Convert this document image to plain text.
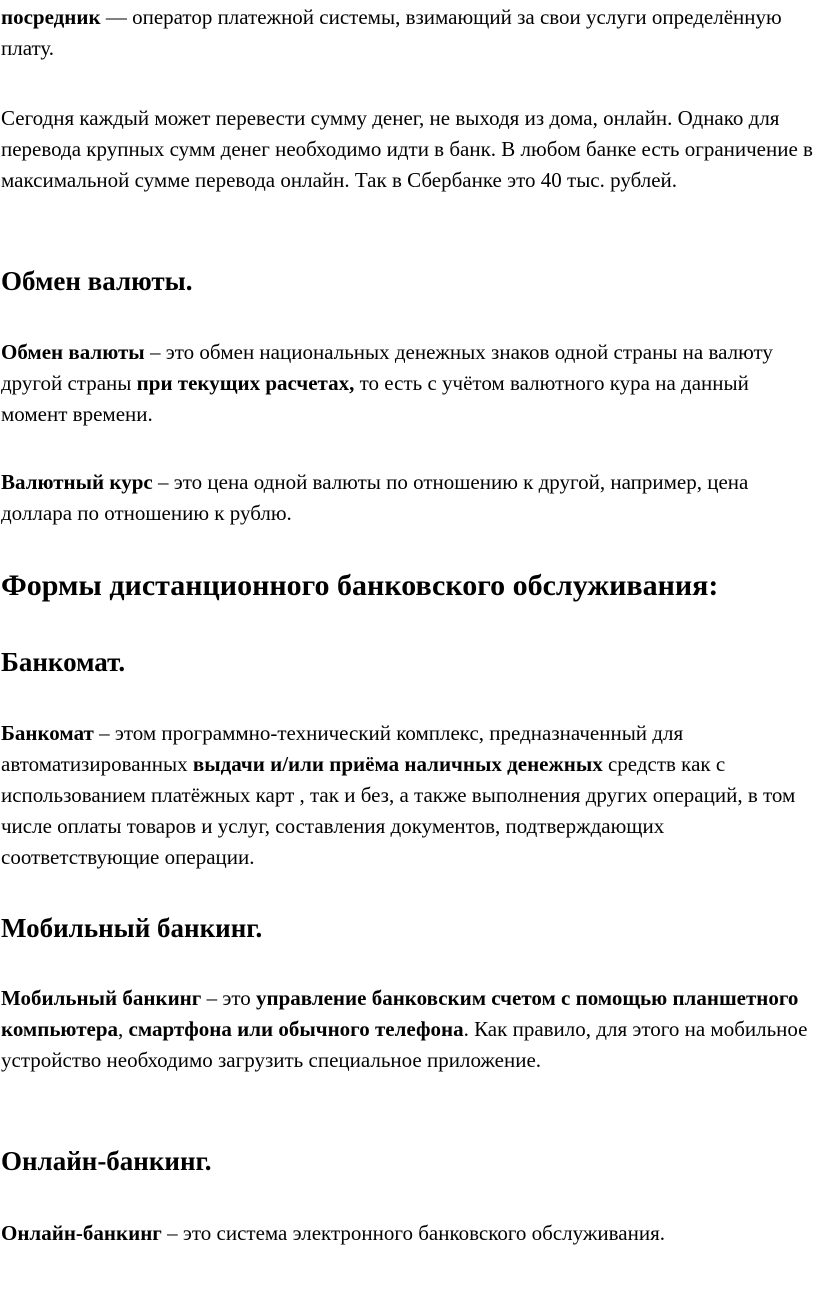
посредник — оператор платежной системы, взимающий за свои услуги определённую плату.

Сегодня каждый может перевести сумму денег, не выходя из дома, онлайн. Однако для перевода крупных сумм денег необходимо идти в банк. В любом банке есть ограничение в максимальной сумме перевода онлайн. Так в Сбербанке это 40 тыс. рублей.

Обмен валюты.

Обмен валюты – это обмен национальных денежных знаков одной страны на валюту другой страны при текущих расчетах, то есть с учётом валютного кура на данный момент времени.

Валютный курс – это цена одной валюты по отношению к другой, например, цена доллара по отношению к рублю.

Формы дистанционного банковского обслуживания:
Банкомат.

Банкомат – этом программно-технический комплекс, предназначенный для автоматизированных выдачи и/или приёма наличных денежных средств как с использованием платёжных карт , так и без, а также выполнения других операций, в том числе оплаты товаров и услуг, составления документов, подтверждающих соответствующие операции.

Мобильный банкинг.

Мобильный банкинг – это управление банковским счетом с помощью планшетного компьютера, смартфона или обычного телефона. Как правило, для этого на мобильное устройство необходимо загрузить специальное приложение.

Онлайн-банкинг.

Онлайн-банкинг – это система электронного банковского обслуживания.
